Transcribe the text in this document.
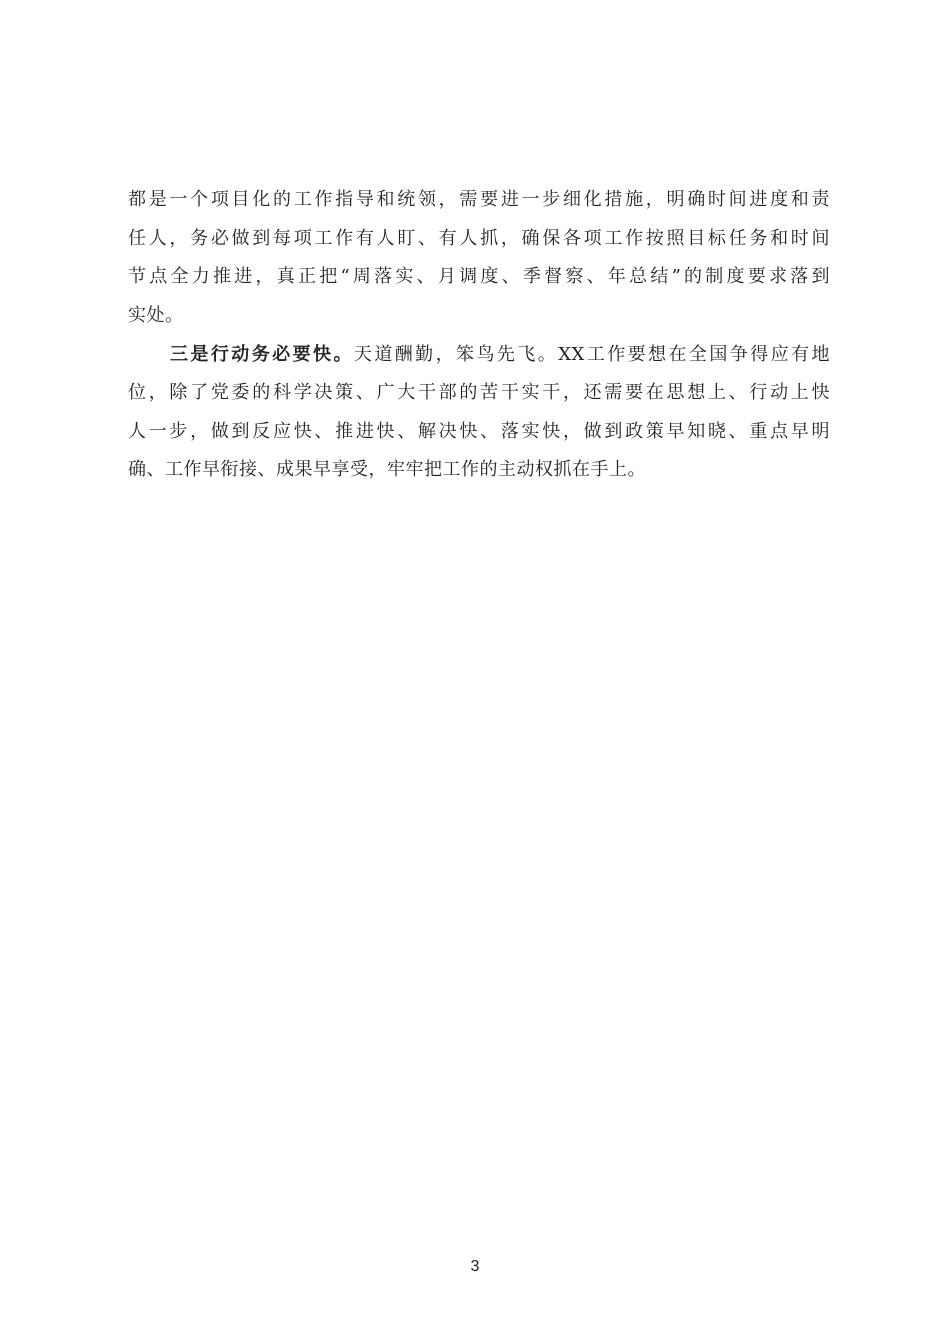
都是一个项目化的工作指导和统领，需要进一步细化措施，明确时间进度和责
任人，务必做到每项工作有人盯、有人抓，确保各项工作按照目标任务和时间
节点全力推进，真正把“周落实、月调度、季督察、年总结”的制度要求落到
实处。
三是行动务必要快。天道酬勤，笨鸟先飞。XX工作要想在全国争得应有地
位，除了党委的科学决策、广大干部的苦干实干，还需要在思想上、行动上快
人一步，做到反应快、推进快、解决快、落实快，做到政策早知晓、重点早明
确、工作早衔接、成果早享受，牢牢把工作的主动权抓在手上。
3
